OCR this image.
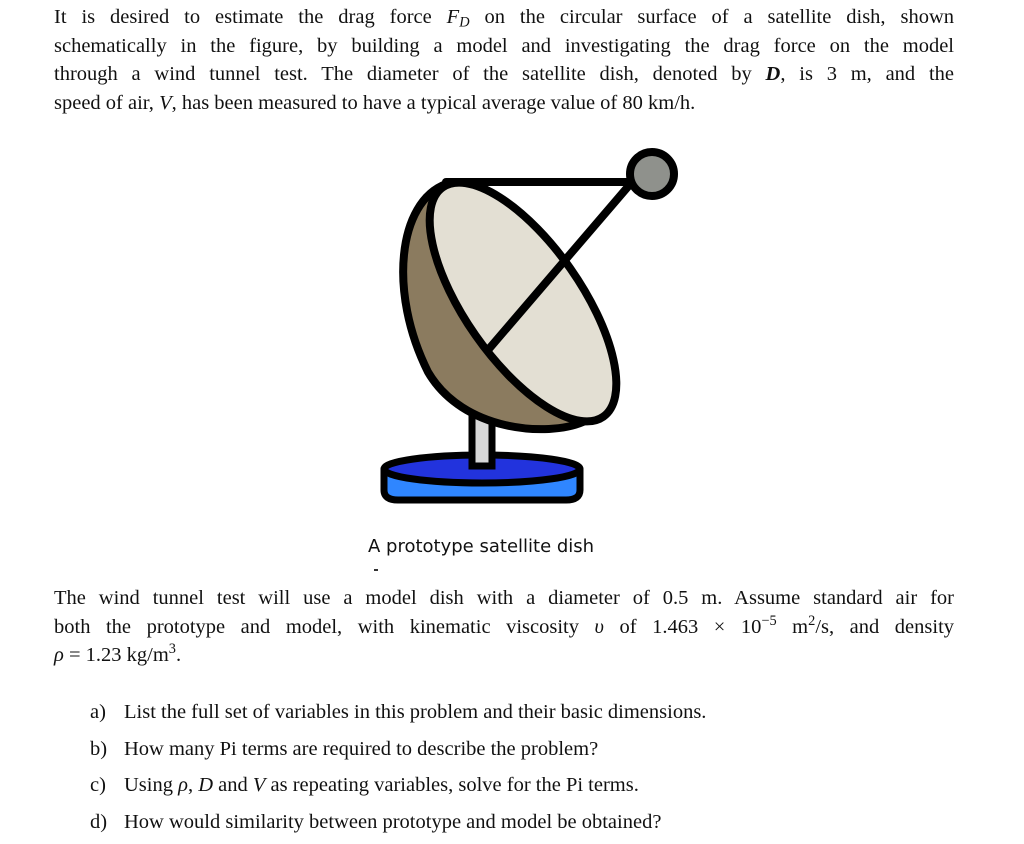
It is desired to estimate the drag force $F_D$ on the circular surface of a satellite dish, shown
schematically in the figure, by building a model and investigating the drag force on the model
through a wind tunnel test. The diameter of the satellite dish, denoted by D, is 3 m, and the
speed of air, V, has been measured to have a typical average value of 80 km/h.
A prototype satellite dish
The wind tunnel test will use a model dish with a diameter of 0.5 m. Assume standard air for
both the prototype and model, with kinematic viscosity υ of $1.463 \times 10^{-5}$ $m^2/s$, and density
ρ = 1.23 $kg/m^3$.
a) List the full set of variables in this problem and their basic dimensions.
b) How many Pi terms are required to describe the problem?
c) Using ρ, D and V as repeating variables, solve for the Pi terms.
d) How would similarity between prototype and model be obtained?
